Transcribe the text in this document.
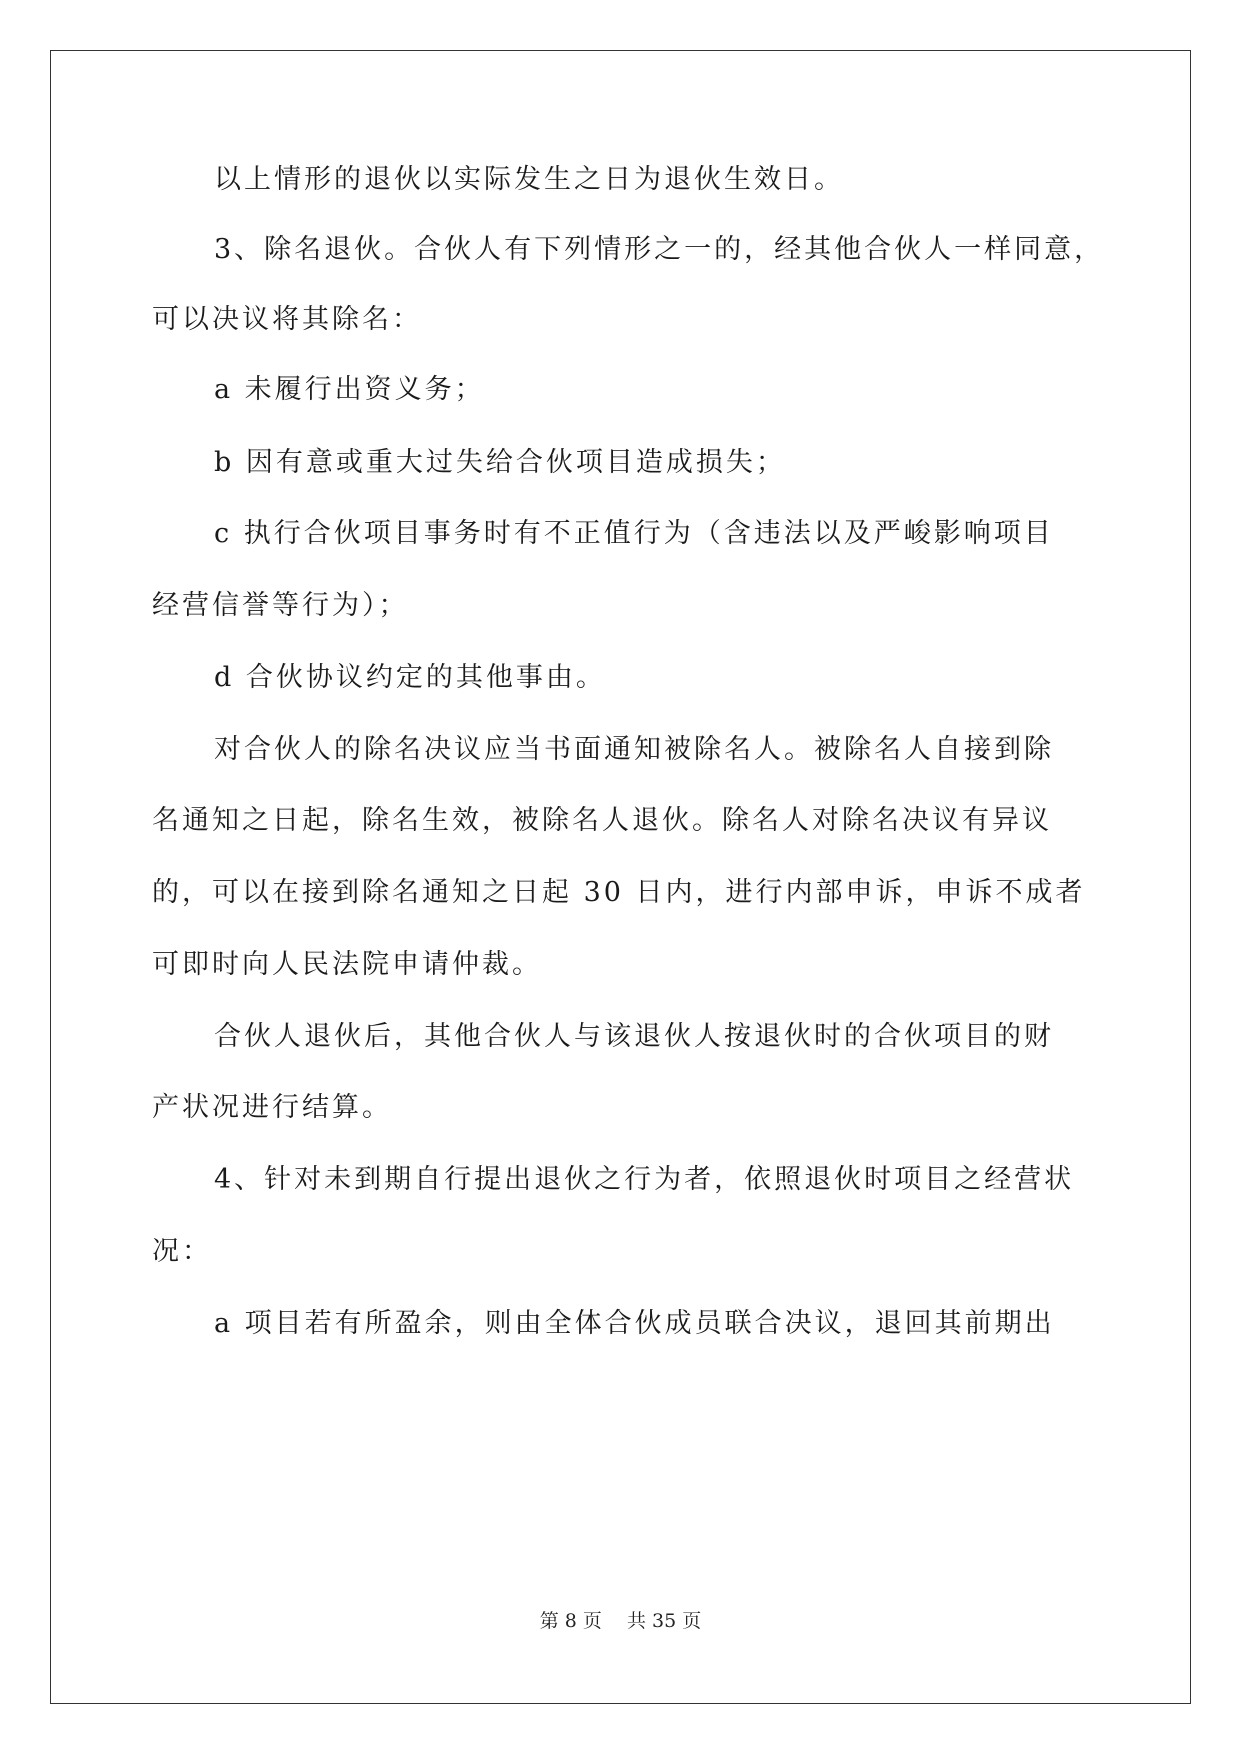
以上情形的退伙以实际发生之日为退伙生效日。
3、除名退伙。合伙人有下列情形之一的，经其他合伙人一样同意，
可以决议将其除名：
a 未履行出资义务；
b 因有意或重大过失给合伙项目造成损失；
c 执行合伙项目事务时有不正值行为（含违法以及严峻影响项目
经营信誉等行为）；
d 合伙协议约定的其他事由。
对合伙人的除名决议应当书面通知被除名人。被除名人自接到除
名通知之日起，除名生效，被除名人退伙。除名人对除名决议有异议
的，可以在接到除名通知之日起 30 日内，进行内部申诉，申诉不成者
可即时向人民法院申请仲裁。
合伙人退伙后，其他合伙人与该退伙人按退伙时的合伙项目的财
产状况进行结算。
4、针对未到期自行提出退伙之行为者，依照退伙时项目之经营状
况：
a 项目若有所盈余，则由全体合伙成员联合决议，退回其前期出
第 8 页　 共 35 页
